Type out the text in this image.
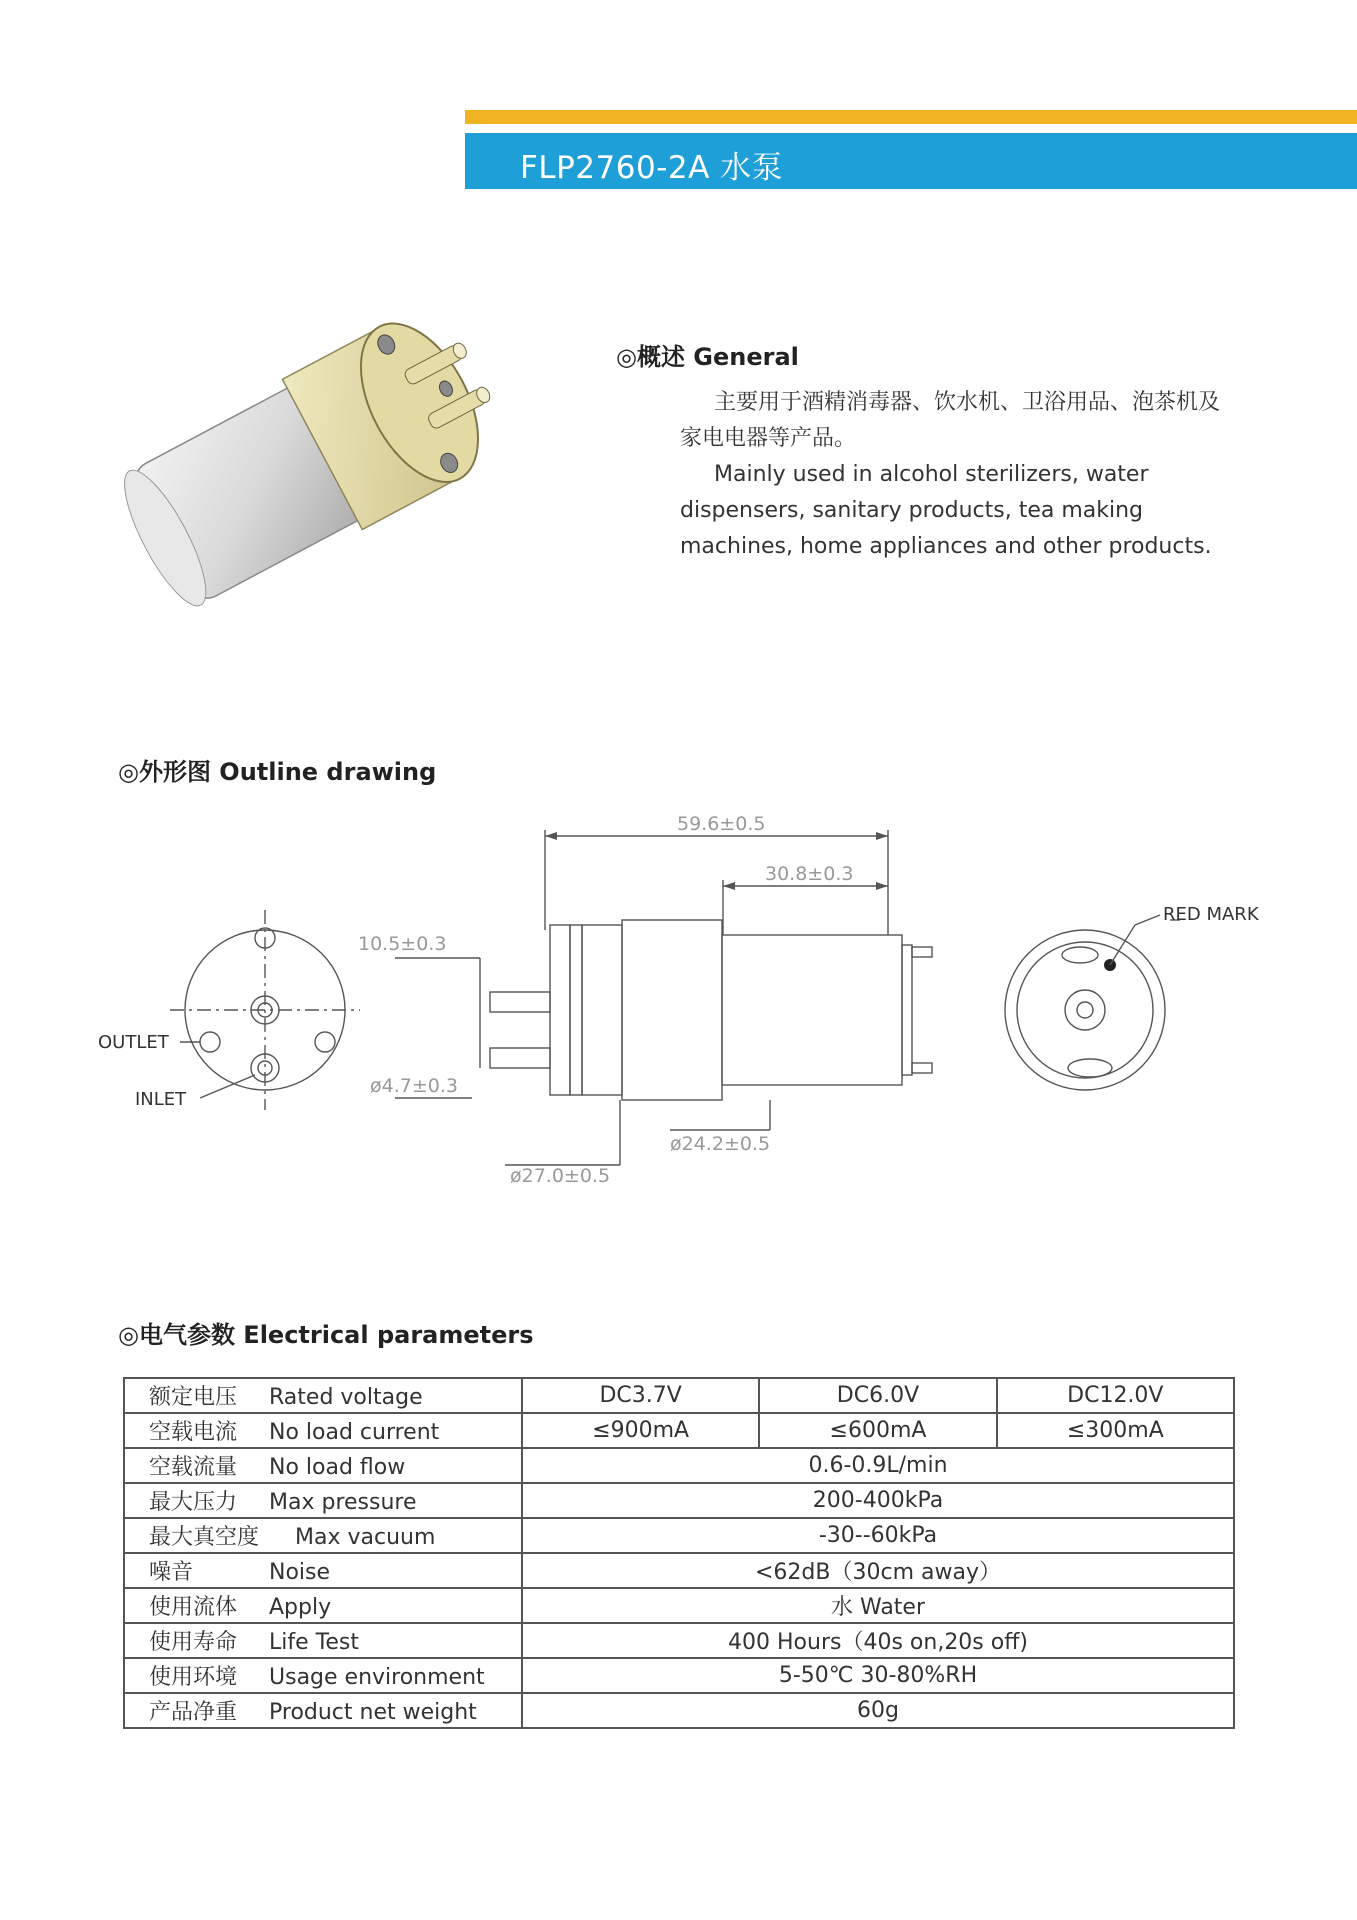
FLP2760-2A 水泵
◎概述 General

主要用于酒精消毒器、饮水机、卫浴用品、泡茶机及家电电器等产品。

Mainly used in alcohol sterilizers, water dispensers, sanitary products, tea making machines, home appliances and other products.

◎外形图 Outline drawing
59.6±0.5
30.8±0.3
10.5±0.3
ø4.7±0.3
ø24.2±0.5
ø27.0±0.5
OUTLET
INLET
RED MARK
◎电气参数 Electrical parameters
额定电压 Rated voltage	DC3.7V	DC6.0V	DC12.0V
空载电流 No load current	≤900mA	≤600mA	≤300mA
空载流量 No load flow	0.6-0.9L/min		
最大压力 Max pressure	200-400kPa		
最大真空度 Max vacuum	-30--60kPa		
噪音 Noise	<62dB（30cm away）		
使用流体 Apply	水 Water		
使用寿命 Life Test	400 Hours（40s on,20s off)		
使用环境 Usage environment	5-50℃ 30-80%RH		
产品净重 Product net weight	60g		
